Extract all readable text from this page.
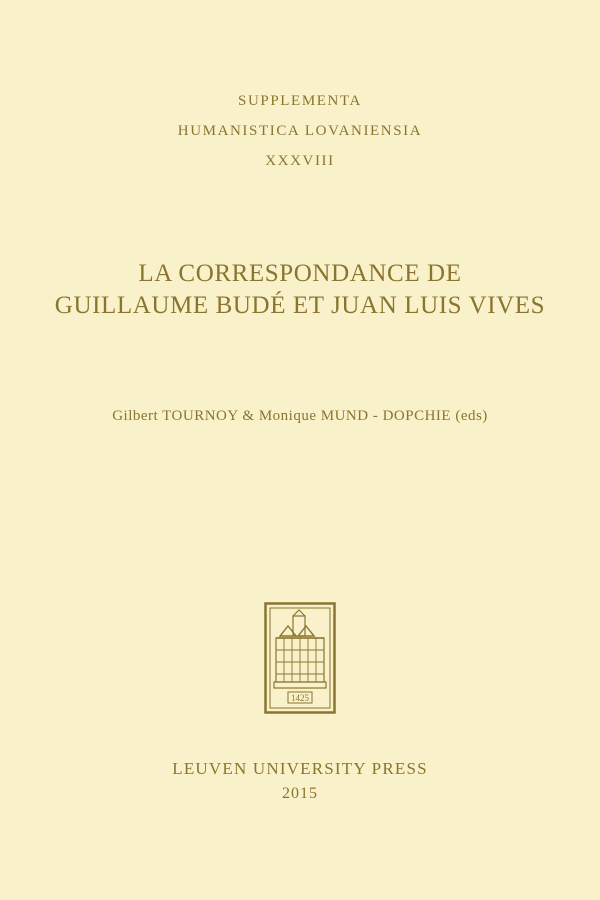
SUPPLEMENTA
HUMANISTICA LOVANIENSIA
XXXVIII
LA CORRESPONDANCE DE
GUILLAUME BUDÉ ET JUAN LUIS VIVES
Gilbert TOURNOY & Monique MUND - DOPCHIE (eds)
1425
LEUVEN UNIVERSITY PRESS
2015
